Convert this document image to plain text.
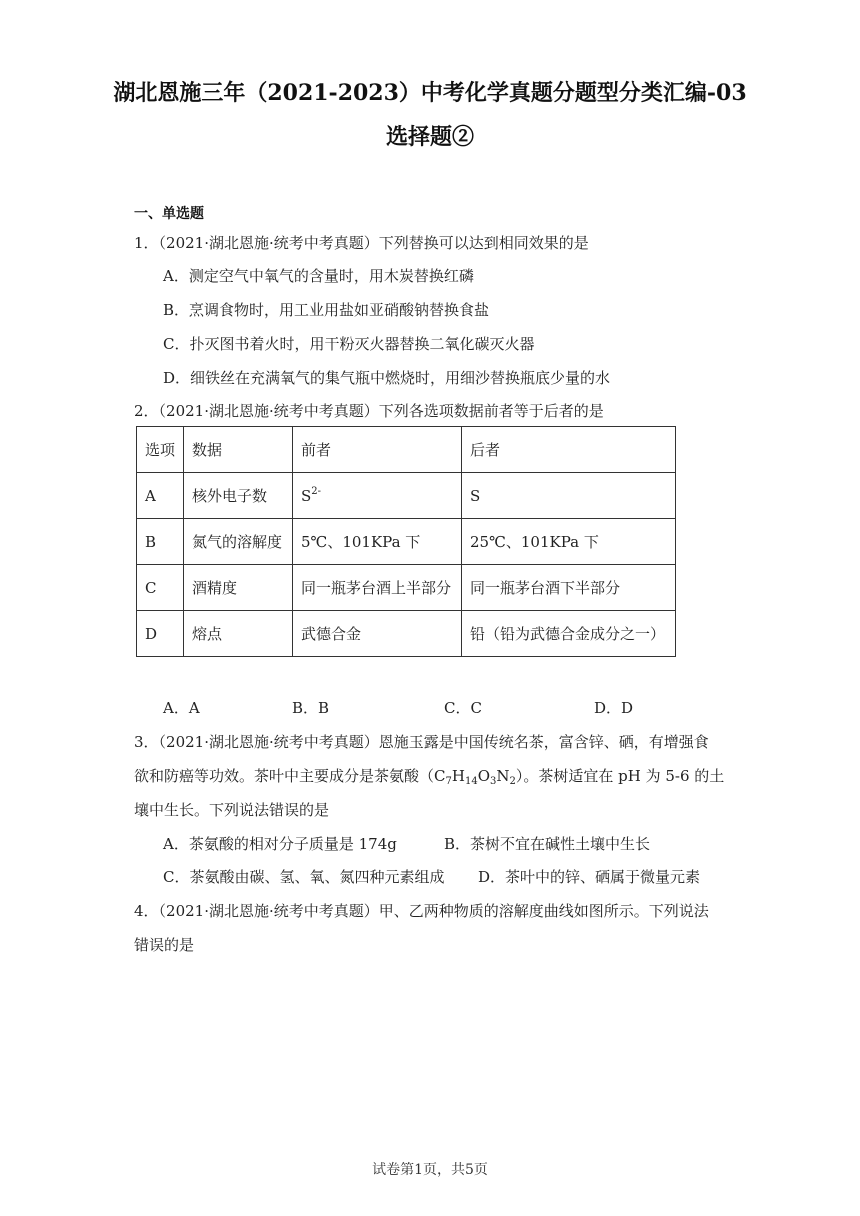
湖北恩施三年（2021-2023）中考化学真题分题型分类汇编-03
选择题②
一、单选题
1．（2021·湖北恩施·统考中考真题）下列替换可以达到相同效果的是
A．测定空气中氧气的含量时，用木炭替换红磷
B．烹调食物时，用工业用盐如亚硝酸钠替换食盐
C．扑灭图书着火时，用干粉灭火器替换二氧化碳灭火器
D．细铁丝在充满氧气的集气瓶中燃烧时，用细沙替换瓶底少量的水
2．（2021·湖北恩施·统考中考真题）下列各选项数据前者等于后者的是
选项	数据	前者	后者
A	核外电子数	$S^{2-}$	S
B	氮气的溶解度	5℃、101KPa 下	25℃、101KPa 下
C	酒精度	同一瓶茅台酒上半部分	同一瓶茅台酒下半部分
D	熔点	武德合金	铅（铅为武德合金成分之一）
A．A	B．B	C．C	D．D
3．（2021·湖北恩施·统考中考真题）恩施玉露是中国传统名茶，富含锌、硒，有增强食
欲和防癌等功效。茶叶中主要成分是茶氨酸$(C_7H_{14}O_3N_2)$。茶树适宜在 pH 为 5-6 的土
壤中生长。下列说法错误的是
A．茶氨酸的相对分子质量是 174g	B．茶树不宜在碱性土壤中生长
C．茶氨酸由碳、氢、氧、氮四种元素组成 D．茶叶中的锌、硒属于微量元素
4．（2021·湖北恩施·统考中考真题）甲、乙两种物质的溶解度曲线如图所示。下列说法
错误的是
试卷第1页，共5页
